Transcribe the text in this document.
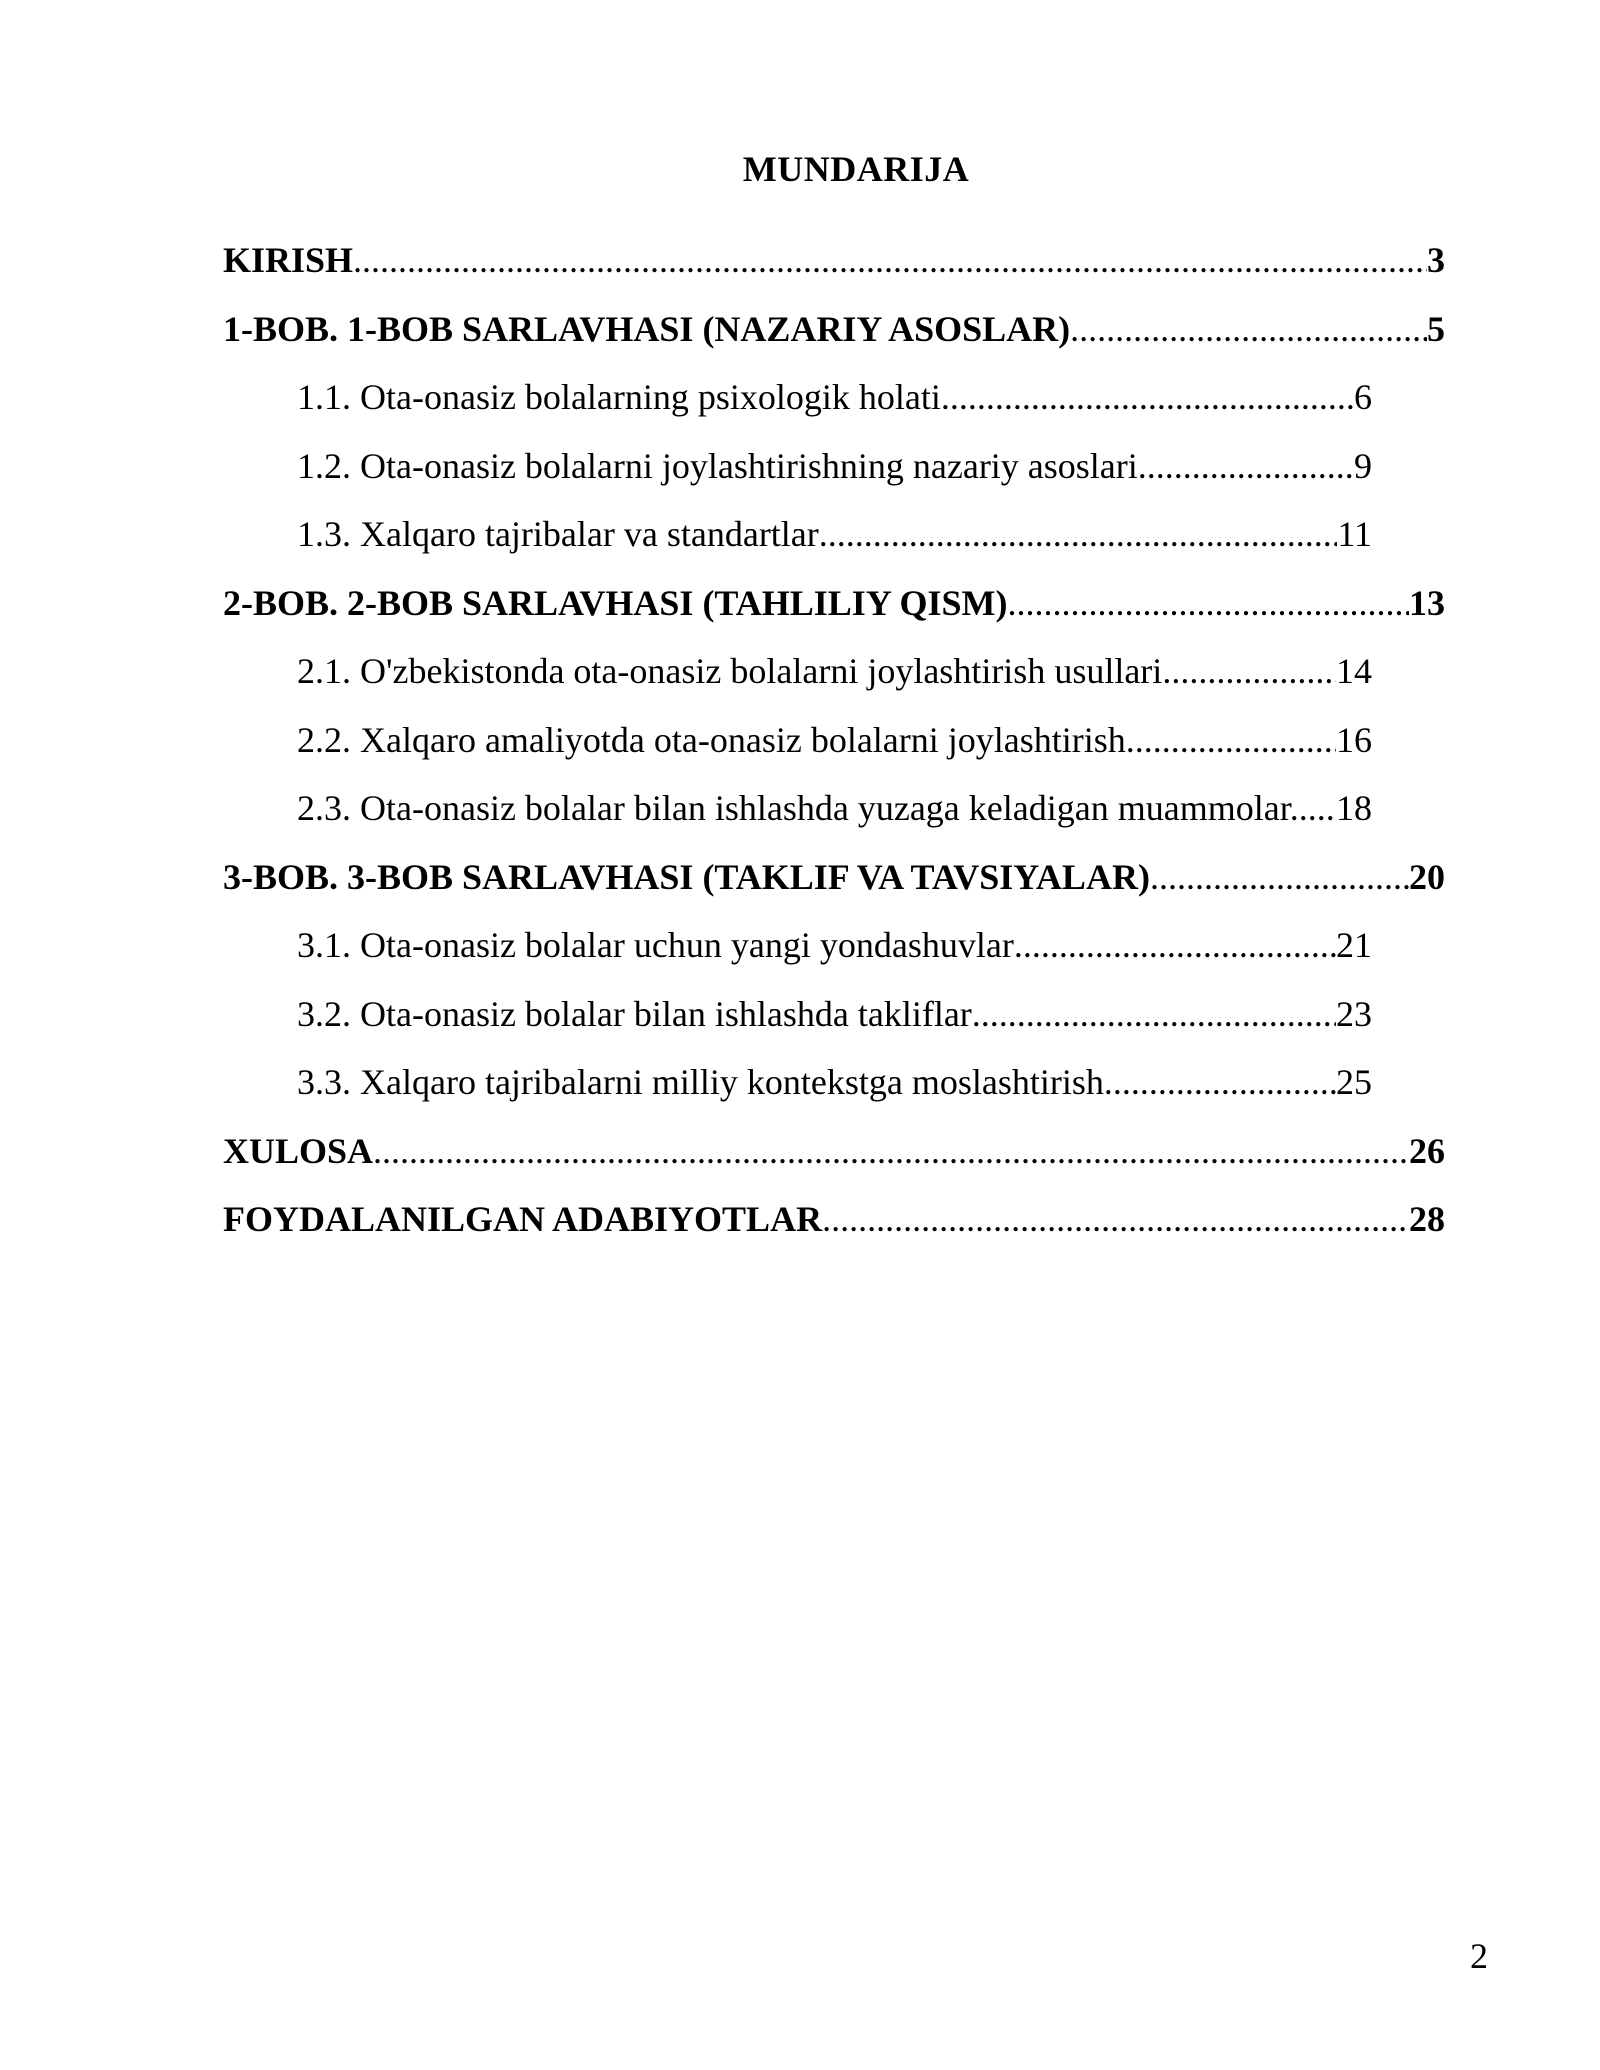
MUNDARIJA
KIRISH .....	3
1-BOB. 1-BOB SARLAVHASI (NAZARIY ASOSLAR) .....	5
1.1. Ota-onasiz bolalarning psixologik holati .....	6
1.2. Ota-onasiz bolalarni joylashtirishning nazariy asoslari .....	9
1.3. Xalqaro tajribalar va standartlar .....	11
2-BOB. 2-BOB SARLAVHASI (TAHLILIY QISM) .....	13
2.1. O'zbekistonda ota-onasiz bolalarni joylashtirish usullari .....	14
2.2. Xalqaro amaliyotda ota-onasiz bolalarni joylashtirish .....	16
2.3. Ota-onasiz bolalar bilan ishlashda yuzaga keladigan muammolar. ..... 18
3-BOB. 3-BOB SARLAVHASI (TAKLIF VA TAVSIYALAR) .....	20
3.1. Ota-onasiz bolalar uchun yangi yondashuvlar .....	21
3.2. Ota-onasiz bolalar bilan ishlashda takliflar .....	23
3.3. Xalqaro tajribalarni milliy kontekstga moslashtirish .....	25
XULOSA .....	26
FOYDALANILGAN ADABIYOTLAR .....	28
2
